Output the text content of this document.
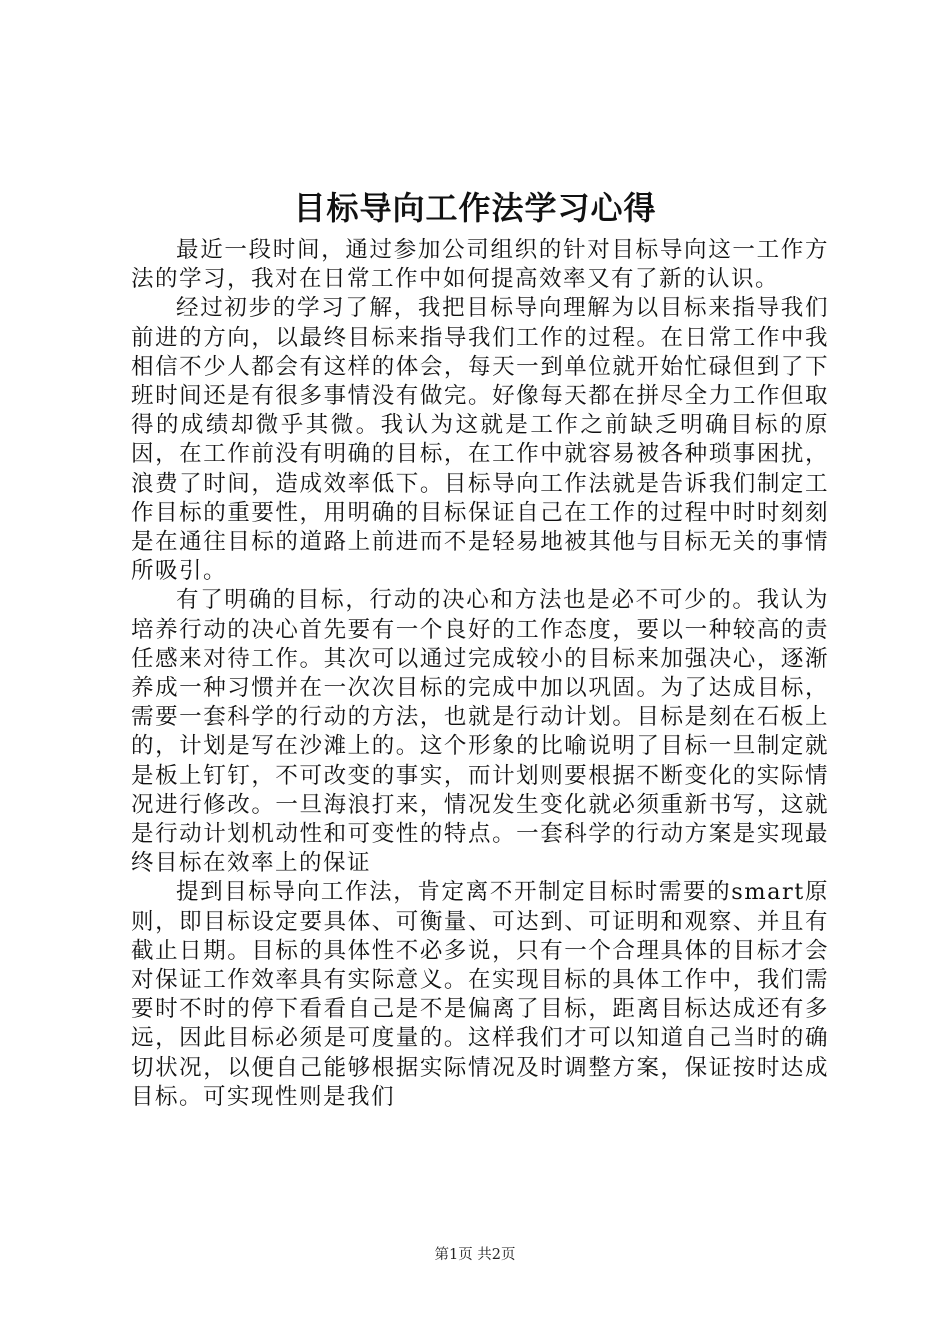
目标导向工作法学习心得

最近一段时间，通过参加公司组织的针对目标导向这一工作方法的学习，我对在日常工作中如何提高效率又有了新的认识。

经过初步的学习了解，我把目标导向理解为以目标来指导我们前进的方向，以最终目标来指导我们工作的过程。在日常工作中我相信不少人都会有这样的体会，每天一到单位就开始忙碌但到了下班时间还是有很多事情没有做完。好像每天都在拼尽全力工作但取得的成绩却微乎其微。我认为这就是工作之前缺乏明确目标的原因，在工作前没有明确的目标，在工作中就容易被各种琐事困扰，浪费了时间，造成效率低下。目标导向工作法就是告诉我们制定工作目标的重要性，用明确的目标保证自己在工作的过程中时时刻刻是在通往目标的道路上前进而不是轻易地被其他与目标无关的事情所吸引。

有了明确的目标，行动的决心和方法也是必不可少的。我认为培养行动的决心首先要有一个良好的工作态度，要以一种较高的责任感来对待工作。其次可以通过完成较小的目标来加强决心，逐渐养成一种习惯并在一次次目标的完成中加以巩固。为了达成目标，需要一套科学的行动的方法，也就是行动计划。目标是刻在石板上的，计划是写在沙滩上的。这个形象的比喻说明了目标一旦制定就是板上钉钉，不可改变的事实，而计划则要根据不断变化的实际情况进行修改。一旦海浪打来，情况发生变化就必须重新书写，这就是行动计划机动性和可变性的特点。一套科学的行动方案是实现最终目标在效率上的保证

提到目标导向工作法，肯定离不开制定目标时需要的smart原则，即目标设定要具体、可衡量、可达到、可证明和观察、并且有截止日期。目标的具体性不必多说，只有一个合理具体的目标才会对保证工作效率具有实际意义。在实现目标的具体工作中，我们需要时不时的停下看看自己是不是偏离了目标，距离目标达成还有多远，因此目标必须是可度量的。这样我们才可以知道自己当时的确切状况，以便自己能够根据实际情况及时调整方案，保证按时达成目标。可实现性则是我们

第1页 共2页
